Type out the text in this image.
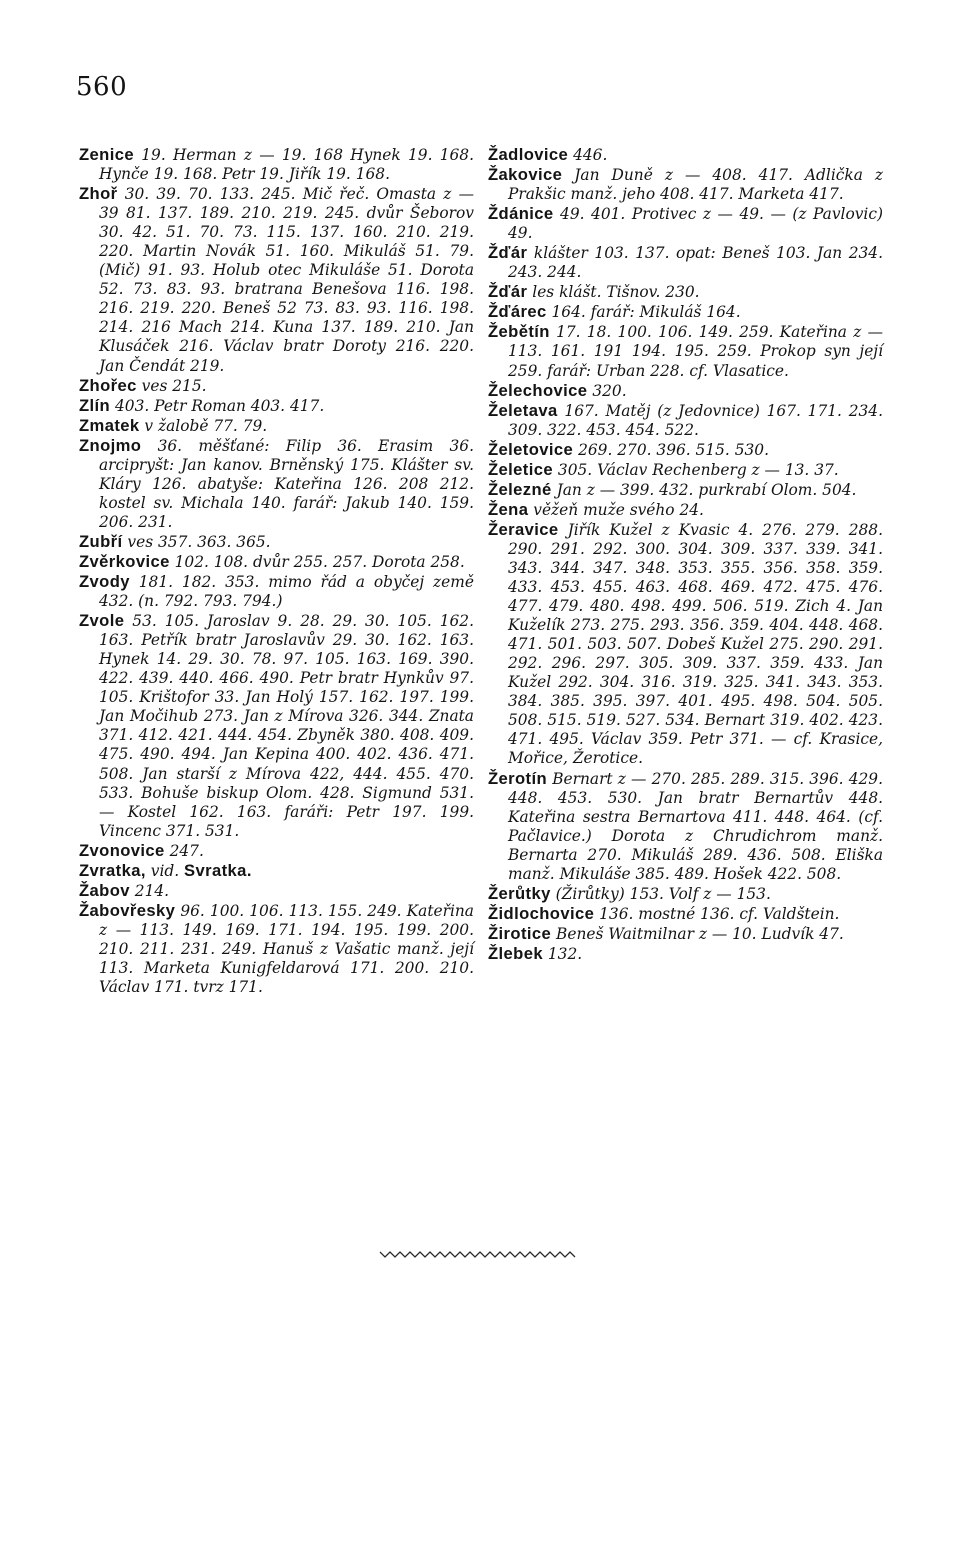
560

Zenice 19. Herman z — 19. 168 Hynek 19. 168. Hynče 19. 168. Petr 19. Jiřík 19. 168.

Zhoř 30. 39. 70. 133. 245. Mič řeč. Omasta z — 39 81. 137. 189. 210. 219. 245. dvůr Šeborov 30. 42. 51. 70. 73. 115. 137. 160. 210. 219. 220. Martin Novák 51. 160. Mikuláš 51. 79. (Mič) 91. 93. Holub otec Mikuláše 51. Dorota 52. 73. 83. 93. bratrana Benešova 116. 198. 216. 219. 220. Beneš 52 73. 83. 93. 116. 198. 214. 216 Mach 214. Kuna 137. 189. 210. Jan Klusáček 216. Václav bratr Doroty 216. 220. Jan Čendát 219.

Zhořec ves 215.

Zlín 403. Petr Roman 403. 417.

Zmatek v žalobě 77. 79.

Znojmo 36. měšťané: Filip 36. Erasim 36. arcipryšt: Jan kanov. Brněnský 175. Klášter sv. Kláry 126. abatyše: Kateřina 126. 208 212. kostel sv. Michala 140. farář: Jakub 140. 159. 206. 231.

Zubří ves 357. 363. 365.

Zvěrkovice 102. 108. dvůr 255. 257. Dorota 258.

Zvody 181. 182. 353. mimo řád a obyčej země 432. (n. 792. 793. 794.)

Zvole 53. 105. Jaroslav 9. 28. 29. 30. 105. 162. 163. Petřík bratr Jaroslavův 29. 30. 162. 163. Hynek 14. 29. 30. 78. 97. 105. 163. 169. 390. 422. 439. 440. 466. 490. Petr bratr Hynkův 97. 105. Krištofor 33. Jan Holý 157. 162. 197. 199. Jan Močihub 273. Jan z Mírova 326. 344. Znata 371. 412. 421. 444. 454. Zbyněk 380. 408. 409. 475. 490. 494. Jan Kepina 400. 402. 436. 471. 508. Jan starší z Mírova 422, 444. 455. 470. 533. Bohuše biskup Olom. 428. Sigmund 531. — Kostel 162. 163. faráři: Petr 197. 199. Vincenc 371. 531.

Zvonovice 247.

Zvratka, vid. Svratka.

Žabov 214.

Žabovřesky 96. 100. 106. 113. 155. 249. Kateřina z — 113. 149. 169. 171. 194. 195. 199. 200. 210. 211. 231. 249. Hanuš z Vašatic manž. její 113. Marketa Kunigfeldarová 171. 200. 210. Václav 171. tvrz 171.

Žadlovice 446.

Žakovice Jan Duně z — 408. 417. Adlička z Prakšic manž. jeho 408. 417. Marketa 417.

Ždánice 49. 401. Protivec z — 49. — (z Pavlovic) 49.

Žďár klášter 103. 137. opat: Beneš 103. Jan 234. 243. 244.

Žďár les klášt. Tišnov. 230.

Žďárec 164. farář: Mikuláš 164.

Žebětín 17. 18. 100. 106. 149. 259. Kateřina z — 113. 161. 191 194. 195. 259. Prokop syn její 259. farář: Urban 228. cf. Vlasatice.

Želechovice 320.

Želetava 167. Matěj (z Jedovnice) 167. 171. 234. 309. 322. 453. 454. 522.

Želetovice 269. 270. 396. 515. 530.

Želetice 305. Václav Rechenberg z — 13. 37.

Železné Jan z — 399. 432. purkrabí Olom. 504.

Žena věžeň muže svého 24.

Žeravice Jiřík Kužel z Kvasic 4. 276. 279. 288. 290. 291. 292. 300. 304. 309. 337. 339. 341. 343. 344. 347. 348. 353. 355. 356. 358. 359. 433. 453. 455. 463. 468. 469. 472. 475. 476. 477. 479. 480. 498. 499. 506. 519. Zich 4. Jan Kuželík 273. 275. 293. 356. 359. 404. 448. 468. 471. 501. 503. 507. Dobeš Kužel 275. 290. 291. 292. 296. 297. 305. 309. 337. 359. 433. Jan Kužel 292. 304. 316. 319. 325. 341. 343. 353. 384. 385. 395. 397. 401. 495. 498. 504. 505. 508. 515. 519. 527. 534. Bernart 319. 402. 423. 471. 495. Václav 359. Petr 371. — cf. Krasice, Mořice, Žerotice.

Žerotín Bernart z — 270. 285. 289. 315. 396. 429. 448. 453. 530. Jan bratr Bernartův 448. Kateřina sestra Bernartova 411. 448. 464. (cf. Pačlavice.) Dorota z Chrudichrom manž. Bernarta 270. Mikuláš 289. 436. 508. Eliška manž. Mikuláše 385. 489. Hošek 422. 508.

Žerůtky (Žirůtky) 153. Volf z — 153.

Židlochovice 136. mostné 136. cf. Valdštein.

Žirotice Beneš Waitmilnar z — 10. Ludvík 47.

Žlebek 132.
